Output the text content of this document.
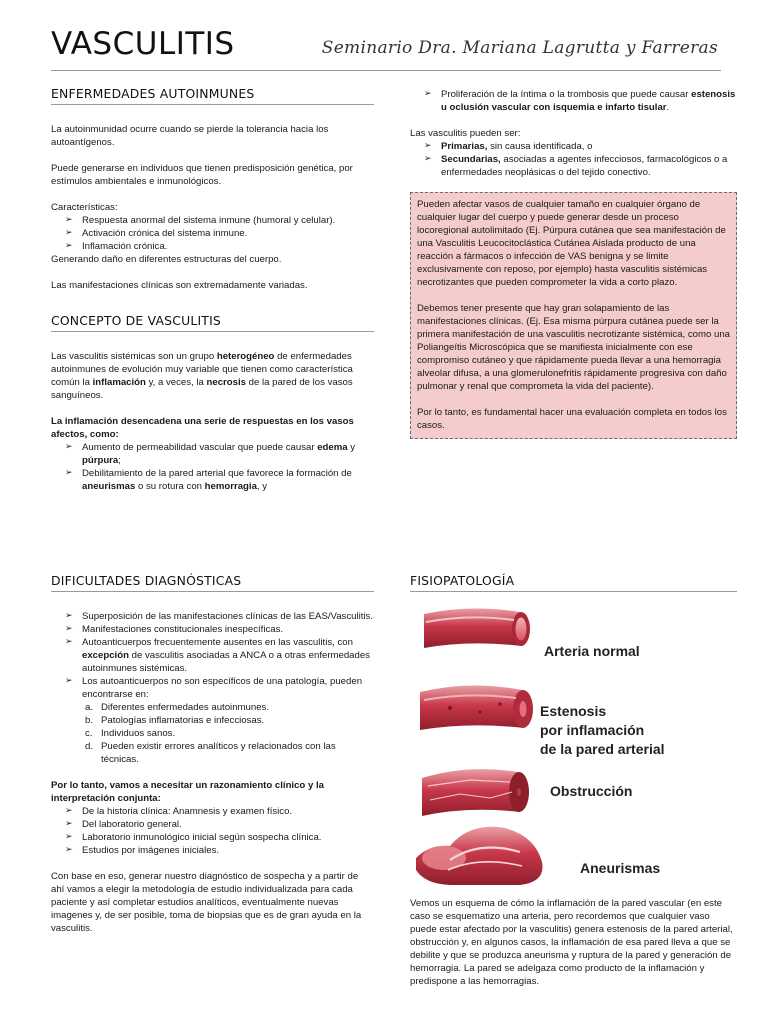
VASCULITIS	Seminario Dra. Mariana Lagrutta y Farreras
ENFERMEDADES AUTOINMUNES

La autoinmunidad ocurre cuando se pierde la tolerancia hacia los autoantígenos.

Puede generarse en individuos que tienen predisposición genética, por estímulos ambientales e inmunológicos.

Características:

➢ Respuesta anormal del sistema inmune (humoral y celular).
➢ Activación crónica del sistema inmune.
➢ Inflamación crónica.

Generando daño en diferentes estructuras del cuerpo.

Las manifestaciones clínicas son extremadamente variadas.

CONCEPTO DE VASCULITIS

Las vasculitis sistémicas son un grupo heterogéneo de enfermedades autoinmunes de evolución muy variable que tienen como característica común la inflamación y, a veces, la necrosis de la pared de los vasos sanguíneos.

La inflamación desencadena una serie de respuestas en los vasos afectos, como:

➢ Aumento de permeabilidad vascular que puede causar edema y púrpura;
➢ Debilitamiento de la pared arterial que favorece la formación de aneurismas o su rotura con hemorragia, y
➢ Proliferación de la íntima o la trombosis que puede causar estenosis u oclusión vascular con isquemia e infarto tisular.

Las vasculitis pueden ser:

➢ Primarias, sin causa identificada, o
➢ Secundarias, asociadas a agentes infecciosos, farmacológicos o a enfermedades neoplásicas o del tejido conectivo.

Pueden afectar vasos de cualquier tamaño en cualquier órgano de cualquier lugar del cuerpo y puede generar desde un proceso locoregional autolimitado (Ej. Púrpura cutánea que sea manifestación de una Vasculitis Leucocitoclástica Cutánea Aislada producto de una reacción a fármacos o infección de VAS benigna y se limite exclusivamente con reposo, por ejemplo) hasta vasculitis sistémicas necrotizantes que pueden comprometer la vida a corto plazo.

Debemos tener presente que hay gran solapamiento de las manifestaciones clínicas. (Ej. Esa misma púrpura cutánea puede ser la primera manifestación de una vasculitis necrotizante sistémica, como una Poliangeítis Microscópica que se manifiesta inicialmente con ese compromiso cutáneo y que rápidamente pueda llevar a una hemorragia alveolar difusa, a una glomerulonefritis rápidamente progresiva con daño pulmonar y renal que comprometa la vida del paciente).

Por lo tanto, es fundamental hacer una evaluación completa en todos los casos.

DIFICULTADES DIAGNÓSTICAS
➢ Superposición de las manifestaciones clínicas de las EAS/Vasculitis.
➢ Manifestaciones constitucionales inespecíficas.
➢ Autoanticuerpos frecuentemente ausentes en las vasculitis, con excepción de vasculitis asociadas a ANCA o a otras enfermedades autoinmunes sistémicas.
➢ Los autoanticuerpos no son específicos de una patología, pueden encontrarse en:
a. Diferentes enfermedades autoinmunes.
b. Patologías inflamatorias e infecciosas.
c. Individuos sanos.
d. Pueden existir errores analíticos y relacionados con las técnicas.

Por lo tanto, vamos a necesitar un razonamiento clínico y la interpretación conjunta:

➢ De la historia clínica: Anamnesis y examen físico.
➢ Del laboratorio general.
➢ Laboratorio inmunológico inicial según sospecha clínica.
➢ Estudios por imágenes iniciales.

Con base en eso, generar nuestro diagnóstico de sospecha y a partir de ahí vamos a elegir la metodología de estudio individualizada para cada paciente y así completar estudios analíticos, eventualmente nuevas imagenes y, de ser posible, toma de biopsias que es de gran ayuda en la vasculitis.

FISIOPATOLOGÍA
Arteria normal
Estenosis
por inflamación
de la pared arterial
Obstrucción
Aneurismas

Vemos un esquema de cómo la inflamación de la pared vascular (en este caso se esquematizo una arteria, pero recordemos que cualquier vaso puede estar afectado por la vasculitis) genera estenosis de la pared arterial, obstrucción y, en algunos casos, la inflamación de esa pared lleva a que se debilite y que se produzca aneurisma y ruptura de la pared y generación de hemorragia. La pared se adelgaza como producto de la inflamación y predispone a las hemorragias.
